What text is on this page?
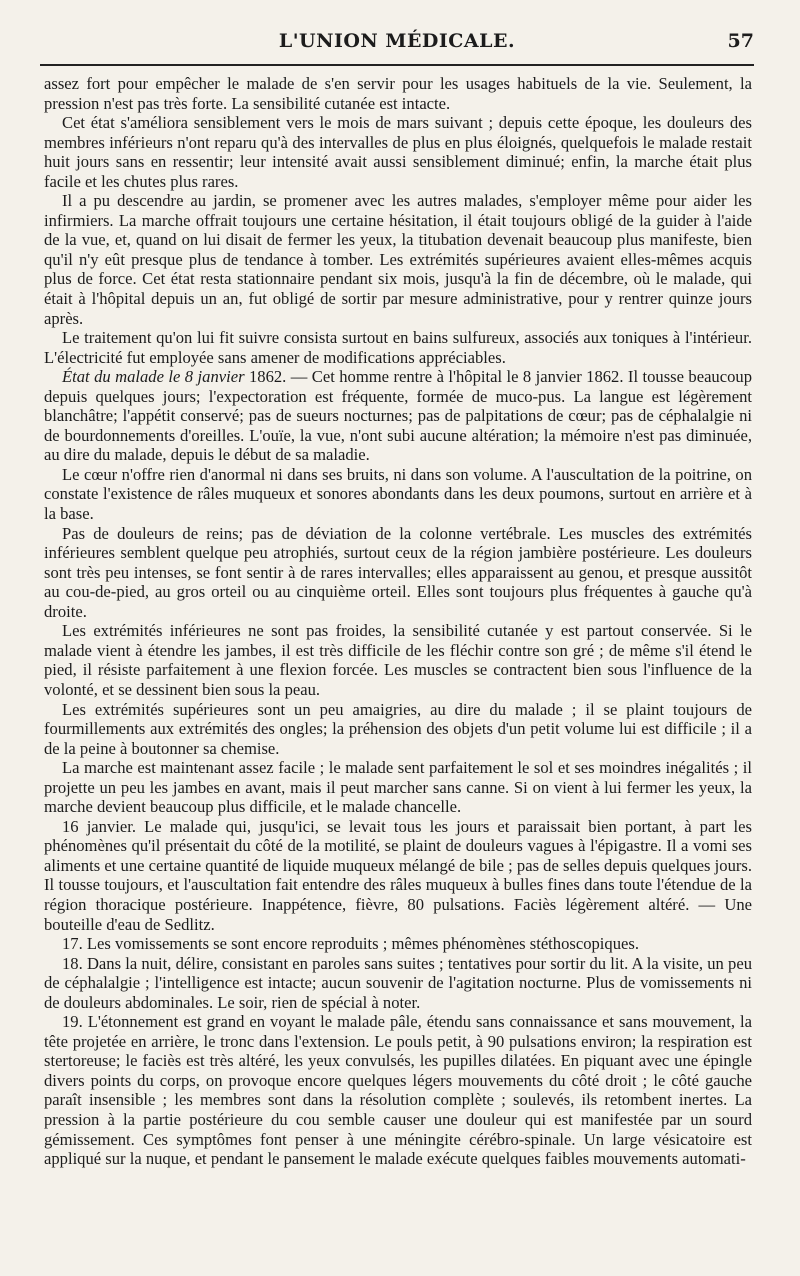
L'UNION MÉDICALE.	57

assez fort pour empêcher le malade de s'en servir pour les usages habituels de la vie. Seulement, la pression n'est pas très forte. La sensibilité cutanée est intacte.

Cet état s'améliora sensiblement vers le mois de mars suivant ; depuis cette époque, les douleurs des membres inférieurs n'ont reparu qu'à des intervalles de plus en plus éloignés, quelquefois le malade restait huit jours sans en ressentir; leur intensité avait aussi sensiblement diminué; enfin, la marche était plus facile et les chutes plus rares.

Il a pu descendre au jardin, se promener avec les autres malades, s'employer même pour aider les infirmiers. La marche offrait toujours une certaine hésitation, il était toujours obligé de la guider à l'aide de la vue, et, quand on lui disait de fermer les yeux, la titubation devenait beaucoup plus manifeste, bien qu'il n'y eût presque plus de tendance à tomber. Les extrémités supérieures avaient elles-mêmes acquis plus de force. Cet état resta stationnaire pendant six mois, jusqu'à la fin de décembre, où le malade, qui était à l'hôpital depuis un an, fut obligé de sortir par mesure administrative, pour y rentrer quinze jours après.

Le traitement qu'on lui fit suivre consista surtout en bains sulfureux, associés aux toniques à l'intérieur. L'électricité fut employée sans amener de modifications appréciables.

État du malade le 8 janvier 1862. — Cet homme rentre à l'hôpital le 8 janvier 1862. Il tousse beaucoup depuis quelques jours; l'expectoration est fréquente, formée de muco-pus. La langue est légèrement blanchâtre; l'appétit conservé; pas de sueurs nocturnes; pas de palpitations de cœur; pas de céphalalgie ni de bourdonnements d'oreilles. L'ouïe, la vue, n'ont subi aucune altération; la mémoire n'est pas diminuée, au dire du malade, depuis le début de sa maladie.

Le cœur n'offre rien d'anormal ni dans ses bruits, ni dans son volume. A l'auscultation de la poitrine, on constate l'existence de râles muqueux et sonores abondants dans les deux poumons, surtout en arrière et à la base.

Pas de douleurs de reins; pas de déviation de la colonne vertébrale. Les muscles des extrémités inférieures semblent quelque peu atrophiés, surtout ceux de la région jambière postérieure. Les douleurs sont très peu intenses, se font sentir à de rares intervalles; elles apparaissent au genou, et presque aussitôt au cou-de-pied, au gros orteil ou au cinquième orteil. Elles sont toujours plus fréquentes à gauche qu'à droite.

Les extrémités inférieures ne sont pas froides, la sensibilité cutanée y est partout conservée. Si le malade vient à étendre les jambes, il est très difficile de les fléchir contre son gré ; de même s'il étend le pied, il résiste parfaitement à une flexion forcée. Les muscles se contractent bien sous l'influence de la volonté, et se dessinent bien sous la peau.

Les extrémités supérieures sont un peu amaigries, au dire du malade ; il se plaint toujours de fourmillements aux extrémités des ongles; la préhension des objets d'un petit volume lui est difficile ; il a de la peine à boutonner sa chemise.

La marche est maintenant assez facile ; le malade sent parfaitement le sol et ses moindres inégalités ; il projette un peu les jambes en avant, mais il peut marcher sans canne. Si on vient à lui fermer les yeux, la marche devient beaucoup plus difficile, et le malade chancelle.

16 janvier. Le malade qui, jusqu'ici, se levait tous les jours et paraissait bien portant, à part les phénomènes qu'il présentait du côté de la motilité, se plaint de douleurs vagues à l'épigastre. Il a vomi ses aliments et une certaine quantité de liquide muqueux mélangé de bile ; pas de selles depuis quelques jours. Il tousse toujours, et l'auscultation fait entendre des râles muqueux à bulles fines dans toute l'étendue de la région thoracique postérieure. Inappétence, fièvre, 80 pulsations. Faciès légèrement altéré. — Une bouteille d'eau de Sedlitz.

17. Les vomissements se sont encore reproduits ; mêmes phénomènes stéthoscopiques.

18. Dans la nuit, délire, consistant en paroles sans suites ; tentatives pour sortir du lit. A la visite, un peu de céphalalgie ; l'intelligence est intacte; aucun souvenir de l'agitation nocturne. Plus de vomissements ni de douleurs abdominales. Le soir, rien de spécial à noter.

19. L'étonnement est grand en voyant le malade pâle, étendu sans connaissance et sans mouvement, la tête projetée en arrière, le tronc dans l'extension. Le pouls petit, à 90 pulsations environ; la respiration est stertoreuse; le faciès est très altéré, les yeux convulsés, les pupilles dilatées. En piquant avec une épingle divers points du corps, on provoque encore quelques légers mouvements du côté droit ; le côté gauche paraît insensible ; les membres sont dans la résolution complète ; soulevés, ils retombent inertes. La pression à la partie postérieure du cou semble causer une douleur qui est manifestée par un sourd gémissement. Ces symptômes font penser à une méningite cérébro-spinale. Un large vésicatoire est appliqué sur la nuque, et pendant le pansement le malade exécute quelques faibles mouvements automati-
